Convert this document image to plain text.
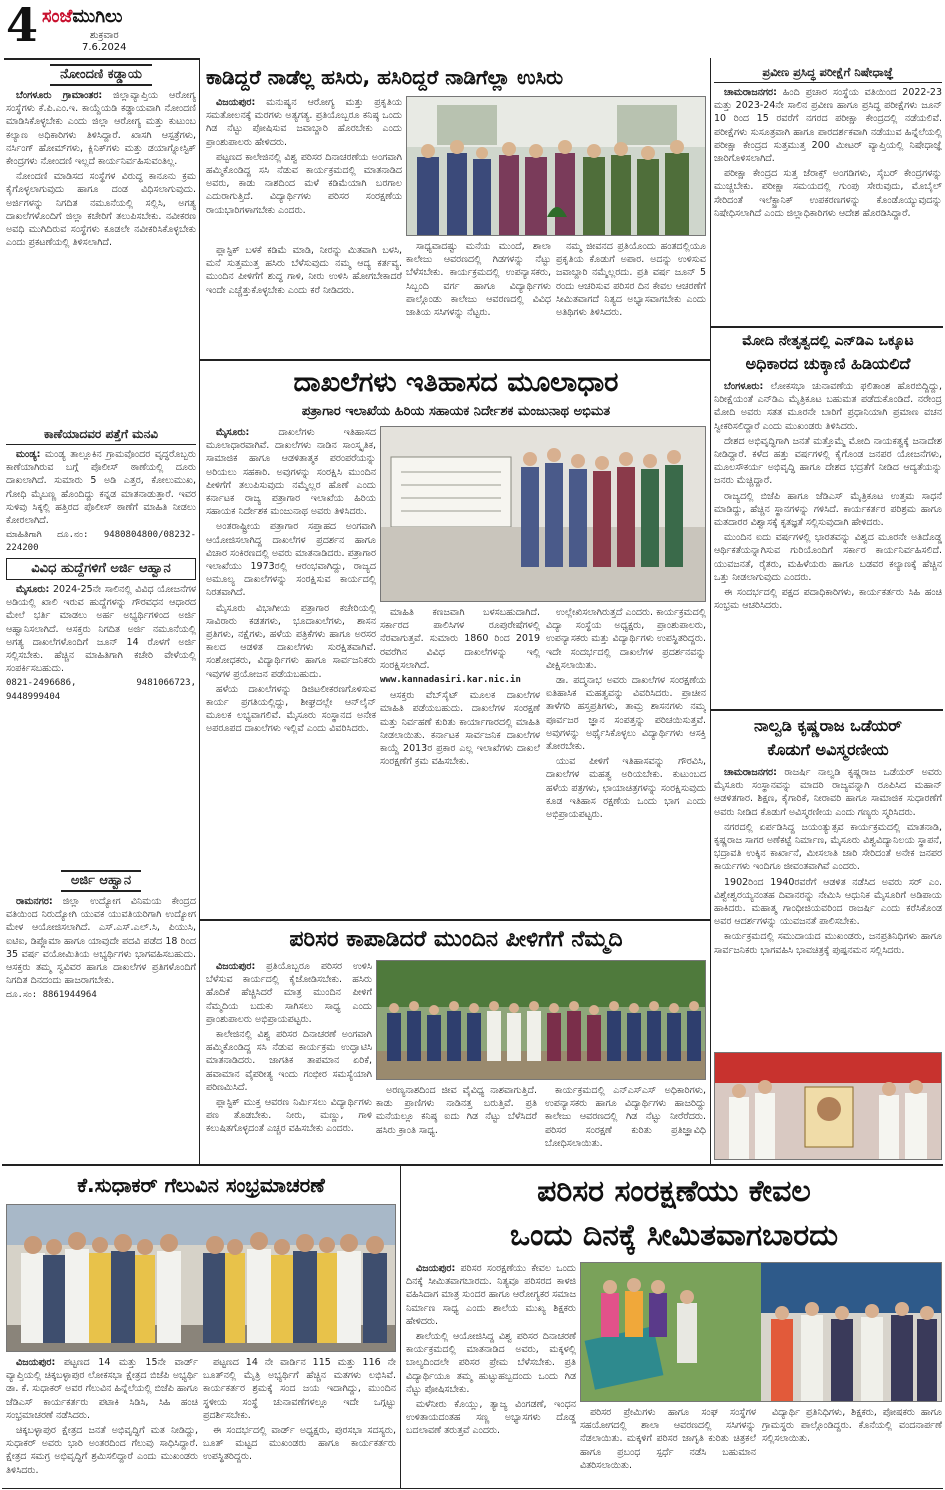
4 ಸಂಜೆಮುಗಿಲು
ಶುಕ್ರವಾರ
7.6.2024
ನೋಂದಣಿ ಕಡ್ಡಾಯ

ಬೆಂಗಳೂರು ಗ್ರಾಮಾಂತರ: ಜಿಲ್ಲಾವ್ಯಾಪ್ತಿಯ ಆರೋಗ್ಯ ಸಂಸ್ಥೆಗಳು ಕೆ.ಪಿ.ಎಂ.ಇ. ಕಾಯ್ದೆಯಡಿ ಕಡ್ಡಾಯವಾಗಿ ನೋಂದಣಿ ಮಾಡಿಸಿಕೊಳ್ಳಬೇಕು ಎಂದು ಜಿಲ್ಲಾ ಆರೋಗ್ಯ ಮತ್ತು ಕುಟುಂಬ ಕಲ್ಯಾಣ ಅಧಿಕಾರಿಗಳು ತಿಳಿಸಿದ್ದಾರೆ. ಖಾಸಗಿ ಆಸ್ಪತ್ರೆಗಳು, ನರ್ಸಿಂಗ್ ಹೋಮ್‌ಗಳು, ಕ್ಲಿನಿಕ್‌ಗಳು ಮತ್ತು ಡಯಾಗ್ನೋಸ್ಟಿಕ್ ಕೇಂದ್ರಗಳು ನೋಂದಣಿ ಇಲ್ಲದೆ ಕಾರ್ಯನಿರ್ವಹಿಸುವಂತಿಲ್ಲ.

ನೋಂದಣಿ ಮಾಡಿಸದ ಸಂಸ್ಥೆಗಳ ವಿರುದ್ಧ ಕಾನೂನು ಕ್ರಮ ಕೈಗೊಳ್ಳಲಾಗುವುದು ಹಾಗೂ ದಂಡ ವಿಧಿಸಲಾಗುವುದು. ಅರ್ಜಿಗಳನ್ನು ನಿಗದಿತ ನಮೂನೆಯಲ್ಲಿ ಸಲ್ಲಿಸಿ, ಅಗತ್ಯ ದಾಖಲೆಗಳೊಂದಿಗೆ ಜಿಲ್ಲಾ ಕಚೇರಿಗೆ ತಲುಪಿಸಬೇಕು. ನವೀಕರಣ ಅವಧಿ ಮುಗಿದಿರುವ ಸಂಸ್ಥೆಗಳು ಕೂಡಲೇ ನವೀಕರಿಸಿಕೊಳ್ಳಬೇಕು ಎಂದು ಪ್ರಕಟಣೆಯಲ್ಲಿ ತಿಳಿಸಲಾಗಿದೆ.

ಕಾಣೆಯಾದವರ ಪತ್ತೆಗೆ ಮನವಿ

ಮಂಡ್ಯ: ಮಂಡ್ಯ ತಾಲ್ಲೂಕಿನ ಗ್ರಾಮವೊಂದರ ವೃದ್ಧರೊಬ್ಬರು ಕಾಣೆಯಾಗಿರುವ ಬಗ್ಗೆ ಪೊಲೀಸ್ ಠಾಣೆಯಲ್ಲಿ ದೂರು ದಾಖಲಾಗಿದೆ. ಸುಮಾರು 5 ಅಡಿ ಎತ್ತರ, ಕೋಲುಮುಖ, ಗೋಧಿ ಮೈಬಣ್ಣ ಹೊಂದಿದ್ದು ಕನ್ನಡ ಮಾತನಾಡುತ್ತಾರೆ. ಇವರ ಸುಳಿವು ಸಿಕ್ಕಲ್ಲಿ ಹತ್ತಿರದ ಪೊಲೀಸ್ ಠಾಣೆಗೆ ಮಾಹಿತಿ ನೀಡಲು ಕೋರಲಾಗಿದೆ.

ಮಾಹಿತಿಗಾಗಿ ದೂ.ನಂ: 9480804800/08232-224200

ವಿವಿಧ ಹುದ್ದೆಗಳಿಗೆ ಅರ್ಜಿ ಆಹ್ವಾನ

ಮೈಸೂರು: 2024-25ನೇ ಸಾಲಿನಲ್ಲಿ ವಿವಿಧ ಯೋಜನೆಗಳ ಅಡಿಯಲ್ಲಿ ಖಾಲಿ ಇರುವ ಹುದ್ದೆಗಳನ್ನು ಗೌರವಧನ ಆಧಾರದ ಮೇಲೆ ಭರ್ತಿ ಮಾಡಲು ಅರ್ಹ ಅಭ್ಯರ್ಥಿಗಳಿಂದ ಅರ್ಜಿ ಆಹ್ವಾನಿಸಲಾಗಿದೆ. ಆಸಕ್ತರು ನಿಗದಿತ ಅರ್ಜಿ ನಮೂನೆಯಲ್ಲಿ ಅಗತ್ಯ ದಾಖಲೆಗಳೊಂದಿಗೆ ಜೂನ್ 14 ರೊಳಗೆ ಅರ್ಜಿ ಸಲ್ಲಿಸಬೇಕು. ಹೆಚ್ಚಿನ ಮಾಹಿತಿಗಾಗಿ ಕಚೇರಿ ವೇಳೆಯಲ್ಲಿ ಸಂಪರ್ಕಿಸಬಹುದು.

0821-2496686, 9481066723, 9448999404

ಅರ್ಜಿ ಆಹ್ವಾನ

ರಾಮನಗರ: ಜಿಲ್ಲಾ ಉದ್ಯೋಗ ವಿನಿಮಯ ಕೇಂದ್ರದ ವತಿಯಿಂದ ನಿರುದ್ಯೋಗಿ ಯುವಕ ಯುವತಿಯರಿಗಾಗಿ ಉದ್ಯೋಗ ಮೇಳ ಆಯೋಜಿಸಲಾಗಿದೆ. ಎಸ್.ಎಸ್.ಎಲ್.ಸಿ, ಪಿಯುಸಿ, ಐಟಿಐ, ಡಿಪ್ಲೊಮಾ ಹಾಗೂ ಯಾವುದೇ ಪದವಿ ಪಡೆದ 18 ರಿಂದ 35 ವರ್ಷ ವಯೋಮಿತಿಯ ಅಭ್ಯರ್ಥಿಗಳು ಭಾಗವಹಿಸಬಹುದು. ಆಸಕ್ತರು ತಮ್ಮ ಸ್ವವಿವರ ಹಾಗೂ ದಾಖಲೆಗಳ ಪ್ರತಿಗಳೊಂದಿಗೆ ನಿಗದಿತ ದಿನದಂದು ಹಾಜರಾಗಬೇಕು.

ದೂ.ಸಂ: 8861944964

ಕಾಡಿದ್ದರೆ ನಾಡೆಲ್ಲ ಹಸಿರು, ಹಸಿರಿದ್ದರೆ ನಾಡಿಗೆಲ್ಲಾ ಉಸಿರು

ವಿಜಯಪುರ: ಮನುಷ್ಯನ ಆರೋಗ್ಯ ಮತ್ತು ಪ್ರಕೃತಿಯ ಸಮತೋಲನಕ್ಕೆ ಮರಗಳು ಅತ್ಯಗತ್ಯ. ಪ್ರತಿಯೊಬ್ಬರೂ ಕನಿಷ್ಠ ಒಂದು ಗಿಡ ನೆಟ್ಟು ಪೋಷಿಸುವ ಜವಾಬ್ದಾರಿ ಹೊರಬೇಕು ಎಂದು ಪ್ರಾಂಶುಪಾಲರು ಹೇಳಿದರು.

ಪಟ್ಟಣದ ಕಾಲೇಜಿನಲ್ಲಿ ವಿಶ್ವ ಪರಿಸರ ದಿನಾಚರಣೆಯ ಅಂಗವಾಗಿ ಹಮ್ಮಿಕೊಂಡಿದ್ದ ಸಸಿ ನೆಡುವ ಕಾರ್ಯಕ್ರಮದಲ್ಲಿ ಮಾತನಾಡಿದ ಅವರು, ಕಾಡು ನಾಶದಿಂದ ಮಳೆ ಕಡಿಮೆಯಾಗಿ ಬರಗಾಲ ಎದುರಾಗುತ್ತಿದೆ. ವಿದ್ಯಾರ್ಥಿಗಳು ಪರಿಸರ ಸಂರಕ್ಷಣೆಯ ರಾಯಭಾರಿಗಳಾಗಬೇಕು ಎಂದರು.

ಪ್ಲಾಸ್ಟಿಕ್ ಬಳಕೆ ಕಡಿಮೆ ಮಾಡಿ, ನೀರನ್ನು ಮಿತವಾಗಿ ಬಳಸಿ, ಮನೆ ಸುತ್ತಮುತ್ತ ಹಸಿರು ಬೆಳೆಸುವುದು ನಮ್ಮ ಆದ್ಯ ಕರ್ತವ್ಯ. ಮುಂದಿನ ಪೀಳಿಗೆಗೆ ಶುದ್ಧ ಗಾಳಿ, ನೀರು ಉಳಿಸಿ ಹೋಗಬೇಕಾದರೆ ಇಂದೇ ಎಚ್ಚೆತ್ತುಕೊಳ್ಳಬೇಕು ಎಂದು ಕರೆ ನೀಡಿದರು.

ಸಾಧ್ಯವಾದಷ್ಟು ಮನೆಯ ಮುಂದೆ, ಶಾಲಾ ಕಾಲೇಜು ಆವರಣದಲ್ಲಿ ಗಿಡಗಳನ್ನು ನೆಟ್ಟು ಬೆಳೆಸಬೇಕು. ಕಾರ್ಯಕ್ರಮದಲ್ಲಿ ಉಪನ್ಯಾಸಕರು, ಸಿಬ್ಬಂದಿ ವರ್ಗ ಹಾಗೂ ವಿದ್ಯಾರ್ಥಿಗಳು ಪಾಲ್ಗೊಂಡು ಕಾಲೇಜು ಆವರಣದಲ್ಲಿ ವಿವಿಧ ಜಾತಿಯ ಸಸಿಗಳನ್ನು ನೆಟ್ಟರು.

ನಮ್ಮ ಜೀವನದ ಪ್ರತಿಯೊಂದು ಹಂತದಲ್ಲಿಯೂ ಪ್ರಕೃತಿಯ ಕೊಡುಗೆ ಅಪಾರ. ಅದನ್ನು ಉಳಿಸುವ ಜವಾಬ್ದಾರಿ ನಮ್ಮೆಲ್ಲರದು. ಪ್ರತಿ ವರ್ಷ ಜೂನ್ 5 ರಂದು ಆಚರಿಸುವ ಪರಿಸರ ದಿನ ಕೇವಲ ಆಚರಣೆಗೆ ಸೀಮಿತವಾಗದೆ ನಿತ್ಯದ ಅಭ್ಯಾಸವಾಗಬೇಕು ಎಂದು ಅತಿಥಿಗಳು ತಿಳಿಸಿದರು.

ಪ್ರವೀಣ ಪ್ರಸಿದ್ಧ ಪರೀಕ್ಷೆಗೆ ನಿಷೇಧಾಜ್ಞೆ

ಚಾಮರಾಜನಗರ: ಹಿಂದಿ ಪ್ರಚಾರ ಸಂಸ್ಥೆಯ ವತಿಯಿಂದ 2022-23 ಮತ್ತು 2023-24ನೇ ಸಾಲಿನ ಪ್ರವೀಣ ಹಾಗೂ ಪ್ರಸಿದ್ಧ ಪರೀಕ್ಷೆಗಳು ಜೂನ್ 10 ರಿಂದ 15 ರವರೆಗೆ ನಗರದ ಪರೀಕ್ಷಾ ಕೇಂದ್ರದಲ್ಲಿ ನಡೆಯಲಿವೆ. ಪರೀಕ್ಷೆಗಳು ಸುಸೂತ್ರವಾಗಿ ಹಾಗೂ ಪಾರದರ್ಶಕವಾಗಿ ನಡೆಯುವ ಹಿನ್ನೆಲೆಯಲ್ಲಿ ಪರೀಕ್ಷಾ ಕೇಂದ್ರದ ಸುತ್ತಮುತ್ತ 200 ಮೀಟರ್ ವ್ಯಾಪ್ತಿಯಲ್ಲಿ ನಿಷೇಧಾಜ್ಞೆ ಜಾರಿಗೊಳಿಸಲಾಗಿದೆ.

ಪರೀಕ್ಷಾ ಕೇಂದ್ರದ ಸುತ್ತ ಜೆರಾಕ್ಸ್ ಅಂಗಡಿಗಳು, ಸೈಬರ್ ಕೇಂದ್ರಗಳನ್ನು ಮುಚ್ಚಬೇಕು. ಪರೀಕ್ಷಾ ಸಮಯದಲ್ಲಿ ಗುಂಪು ಸೇರುವುದು, ಮೊಬೈಲ್ ಸೇರಿದಂತೆ ಇಲೆಕ್ಟ್ರಾನಿಕ್ ಉಪಕರಣಗಳನ್ನು ಕೊಂಡೊಯ್ಯುವುದನ್ನು ನಿಷೇಧಿಸಲಾಗಿದೆ ಎಂದು ಜಿಲ್ಲಾಧಿಕಾರಿಗಳು ಆದೇಶ ಹೊರಡಿಸಿದ್ದಾರೆ.

ದಾಖಲೆಗಳು ಇತಿಹಾಸದ ಮೂಲಾಧಾರ
ಪತ್ರಾಗಾರ ಇಲಾಖೆಯ ಹಿರಿಯ ಸಹಾಯಕ ನಿರ್ದೇಶಕ ಮಂಜುನಾಥ ಅಭಿಮತ

ಮೈಸೂರು:	ದಾಖಲೆಗಳು ಇತಿಹಾಸದ ಮೂಲಾಧಾರವಾಗಿವೆ. ದಾಖಲೆಗಳು ನಾಡಿನ ಸಾಂಸ್ಕೃತಿಕ, ಸಾಮಾಜಿಕ ಹಾಗೂ ಆಡಳಿತಾತ್ಮಕ ಪರಂಪರೆಯನ್ನು ಅರಿಯಲು ಸಹಕಾರಿ. ಅವುಗಳನ್ನು ಸಂರಕ್ಷಿಸಿ ಮುಂದಿನ ಪೀಳಿಗೆಗೆ ತಲುಪಿಸುವುದು ನಮ್ಮೆಲ್ಲರ ಹೊಣೆ ಎಂದು ಕರ್ನಾಟಕ ರಾಜ್ಯ ಪತ್ರಾಗಾರ ಇಲಾಖೆಯ ಹಿರಿಯ ಸಹಾಯಕ ನಿರ್ದೇಶಕ ಮಂಜುನಾಥ ಅವರು ತಿಳಿಸಿದರು.

ಅಂತರಾಷ್ಟ್ರೀಯ ಪತ್ರಾಗಾರ ಸಪ್ತಾಹದ ಅಂಗವಾಗಿ ಆಯೋಜಿಸಲಾಗಿದ್ದ ದಾಖಲೆಗಳ ಪ್ರದರ್ಶನ ಹಾಗೂ ವಿಚಾರ ಸಂಕಿರಣದಲ್ಲಿ ಅವರು ಮಾತನಾಡಿದರು. ಪತ್ರಾಗಾರ ಇಲಾಖೆಯು 1973ರಲ್ಲಿ ಆರಂಭವಾಗಿದ್ದು, ರಾಜ್ಯದ ಅಮೂಲ್ಯ ದಾಖಲೆಗಳನ್ನು ಸಂರಕ್ಷಿಸುವ ಕಾರ್ಯದಲ್ಲಿ ನಿರತವಾಗಿದೆ.

ಮೈಸೂರು ವಿಭಾಗೀಯ ಪತ್ರಾಗಾರ ಕಚೇರಿಯಲ್ಲಿ ಸಾವಿರಾರು ಕಡತಗಳು, ಭೂದಾಖಲೆಗಳು, ಶಾಸನ ಪ್ರತಿಗಳು, ನಕ್ಷೆಗಳು, ಹಳೆಯ ಪತ್ರಿಕೆಗಳು ಹಾಗೂ ಅರಸರ ಕಾಲದ ಆಡಳಿತ ದಾಖಲೆಗಳು ಸುರಕ್ಷಿತವಾಗಿವೆ. ಸಂಶೋಧಕರು, ವಿದ್ಯಾರ್ಥಿಗಳು ಹಾಗೂ ಸಾರ್ವಜನಿಕರು ಇವುಗಳ ಪ್ರಯೋಜನ ಪಡೆಯಬಹುದು.

ಹಳೆಯ ದಾಖಲೆಗಳನ್ನು ಡಿಜಿಟಲೀಕರಣಗೊಳಿಸುವ ಕಾರ್ಯ ಪ್ರಗತಿಯಲ್ಲಿದ್ದು, ಶೀಘ್ರದಲ್ಲೇ ಆನ್‌ಲೈನ್ ಮೂಲಕ ಲಭ್ಯವಾಗಲಿವೆ. ಮೈಸೂರು ಸಂಸ್ಥಾನದ ಅನೇಕ ಅಪರೂಪದ ದಾಖಲೆಗಳು ಇಲ್ಲಿವೆ ಎಂದು ವಿವರಿಸಿದರು.

ಮಾಹಿತಿ ಕಣಜವಾಗಿ ಬಳಸಬಹುದಾಗಿದೆ. ಸರ್ಕಾರದ ಪಾಲಿಸಿಗಳ ರೂಪುರೇಷೆಗಳಲ್ಲಿ ನೆರವಾಗುತ್ತವೆ. ಸುಮಾರು 1860 ರಿಂದ 2019 ರವರೆಗಿನ ವಿವಿಧ ದಾಖಲೆಗಳನ್ನು ಇಲ್ಲಿ ಸಂರಕ್ಷಿಸಲಾಗಿದೆ.

www.kannadasiri.kar.nic.in

ಆಸಕ್ತರು ವೆಬ್‌ಸೈಟ್ ಮೂಲಕ ದಾಖಲೆಗಳ ಮಾಹಿತಿ ಪಡೆಯಬಹುದು. ದಾಖಲೆಗಳ ಸಂರಕ್ಷಣೆ ಮತ್ತು ನಿರ್ವಹಣೆ ಕುರಿತು ಕಾರ್ಯಾಗಾರದಲ್ಲಿ ಮಾಹಿತಿ ನೀಡಲಾಯಿತು. ಕರ್ನಾಟಕ ಸಾರ್ವಜನಿಕ ದಾಖಲೆಗಳ ಕಾಯ್ದೆ 2013ರ ಪ್ರಕಾರ ಎಲ್ಲ ಇಲಾಖೆಗಳು ದಾಖಲೆ ಸಂರಕ್ಷಣೆಗೆ ಕ್ರಮ ವಹಿಸಬೇಕು.

ಉಲ್ಲೇಖಿಸಲಾಗಿರುತ್ತದೆ ಎಂದರು. ಕಾರ್ಯಕ್ರಮದಲ್ಲಿ ವಿದ್ಯಾ ಸಂಸ್ಥೆಯ ಅಧ್ಯಕ್ಷರು, ಪ್ರಾಂಶುಪಾಲರು, ಉಪನ್ಯಾಸಕರು ಮತ್ತು ವಿದ್ಯಾರ್ಥಿಗಳು ಉಪಸ್ಥಿತರಿದ್ದರು. ಇದೇ ಸಂದರ್ಭದಲ್ಲಿ ದಾಖಲೆಗಳ ಪ್ರದರ್ಶನವನ್ನು ವೀಕ್ಷಿಸಲಾಯಿತು.

ಡಾ. ಪದ್ಮನಾಭ ಅವರು ದಾಖಲೆಗಳ ಸಂರಕ್ಷಣೆಯ ಐತಿಹಾಸಿಕ ಮಹತ್ವವನ್ನು ವಿವರಿಸಿದರು. ಪ್ರಾಚೀನ ತಾಳೆಗರಿ ಹಸ್ತಪ್ರತಿಗಳು, ತಾಮ್ರ ಶಾಸನಗಳು ನಮ್ಮ ಪೂರ್ವಜರ ಜ್ಞಾನ ಸಂಪತ್ತನ್ನು ಪರಿಚಯಿಸುತ್ತವೆ. ಅವುಗಳನ್ನು ಅರ್ಥೈಸಿಕೊಳ್ಳಲು ವಿದ್ಯಾರ್ಥಿಗಳು ಆಸಕ್ತಿ ತೋರಬೇಕು.

ಯುವ ಪೀಳಿಗೆ ಇತಿಹಾಸವನ್ನು ಗೌರವಿಸಿ, ದಾಖಲೆಗಳ ಮಹತ್ವ ಅರಿಯಬೇಕು. ಕುಟುಂಬದ ಹಳೆಯ ಪತ್ರಗಳು, ಛಾಯಾಚಿತ್ರಗಳನ್ನು ಸಂರಕ್ಷಿಸುವುದು ಕೂಡ ಇತಿಹಾಸ ರಕ್ಷಣೆಯ ಒಂದು ಭಾಗ ಎಂದು ಅಭಿಪ್ರಾಯಪಟ್ಟರು.

ಮೋದಿ ನೇತೃತ್ವದಲ್ಲಿ ಎನ್‌ಡಿಎ ಒಕ್ಕೂಟ
ಅಧಿಕಾರದ ಚುಕ್ಕಾಣಿ ಹಿಡಿಯಲಿದೆ

ಬೆಂಗಳೂರು: ಲೋಕಸಭಾ ಚುನಾವಣೆಯ ಫಲಿತಾಂಶ ಹೊರಬಿದ್ದಿದ್ದು, ನಿರೀಕ್ಷೆಯಂತೆ ಎನ್‌ಡಿಎ ಮೈತ್ರಿಕೂಟ ಬಹುಮತ ಪಡೆದುಕೊಂಡಿದೆ. ನರೇಂದ್ರ ಮೋದಿ ಅವರು ಸತತ ಮೂರನೇ ಬಾರಿಗೆ ಪ್ರಧಾನಿಯಾಗಿ ಪ್ರಮಾಣ ವಚನ ಸ್ವೀಕರಿಸಲಿದ್ದಾರೆ ಎಂದು ಮುಖಂಡರು ತಿಳಿಸಿದರು.

ದೇಶದ ಅಭಿವೃದ್ಧಿಗಾಗಿ ಜನತೆ ಮತ್ತೊಮ್ಮೆ ಮೋದಿ ನಾಯಕತ್ವಕ್ಕೆ ಜನಾದೇಶ ನೀಡಿದ್ದಾರೆ. ಕಳೆದ ಹತ್ತು ವರ್ಷಗಳಲ್ಲಿ ಕೈಗೊಂಡ ಜನಪರ ಯೋಜನೆಗಳು, ಮೂಲಸೌಕರ್ಯ ಅಭಿವೃದ್ಧಿ ಹಾಗೂ ದೇಶದ ಭದ್ರತೆಗೆ ನೀಡಿದ ಆದ್ಯತೆಯನ್ನು ಜನರು ಮೆಚ್ಚಿದ್ದಾರೆ.

ರಾಜ್ಯದಲ್ಲಿ ಬಿಜೆಪಿ ಹಾಗೂ ಜೆಡಿಎಸ್ ಮೈತ್ರಿಕೂಟ ಉತ್ತಮ ಸಾಧನೆ ಮಾಡಿದ್ದು, ಹೆಚ್ಚಿನ ಸ್ಥಾನಗಳನ್ನು ಗಳಿಸಿದೆ. ಕಾರ್ಯಕರ್ತರ ಪರಿಶ್ರಮ ಹಾಗೂ ಮತದಾರರ ವಿಶ್ವಾಸಕ್ಕೆ ಕೃತಜ್ಞತೆ ಸಲ್ಲಿಸುವುದಾಗಿ ಹೇಳಿದರು.

ಮುಂದಿನ ಐದು ವರ್ಷಗಳಲ್ಲಿ ಭಾರತವನ್ನು ವಿಶ್ವದ ಮೂರನೇ ಅತಿದೊಡ್ಡ ಆರ್ಥಿಕತೆಯನ್ನಾಗಿಸುವ ಗುರಿಯೊಂದಿಗೆ ಸರ್ಕಾರ ಕಾರ್ಯನಿರ್ವಹಿಸಲಿದೆ. ಯುವಜನತೆ, ರೈತರು, ಮಹಿಳೆಯರು ಹಾಗೂ ಬಡವರ ಕಲ್ಯಾಣಕ್ಕೆ ಹೆಚ್ಚಿನ ಒತ್ತು ನೀಡಲಾಗುವುದು ಎಂದರು.

ಈ ಸಂದರ್ಭದಲ್ಲಿ ಪಕ್ಷದ ಪದಾಧಿಕಾರಿಗಳು, ಕಾರ್ಯಕರ್ತರು ಸಿಹಿ ಹಂಚಿ ಸಂಭ್ರಮ ಆಚರಿಸಿದರು.

ನಾಲ್ವಡಿ ಕೃಷ್ಣರಾಜ ಒಡೆಯರ್
ಕೊಡುಗೆ ಅವಿಸ್ಮರಣೀಯ

ಚಾಮರಾಜನಗರ: ರಾಜರ್ಷಿ ನಾಲ್ವಡಿ ಕೃಷ್ಣರಾಜ ಒಡೆಯರ್ ಅವರು ಮೈಸೂರು ಸಂಸ್ಥಾನವನ್ನು ಮಾದರಿ ರಾಜ್ಯವನ್ನಾಗಿ ರೂಪಿಸಿದ ಮಹಾನ್ ಆಡಳಿತಗಾರ. ಶಿಕ್ಷಣ, ಕೈಗಾರಿಕೆ, ನೀರಾವರಿ ಹಾಗೂ ಸಾಮಾಜಿಕ ಸುಧಾರಣೆಗೆ ಅವರು ನೀಡಿದ ಕೊಡುಗೆ ಅವಿಸ್ಮರಣೀಯ ಎಂದು ಗಣ್ಯರು ಸ್ಮರಿಸಿದರು.

ನಗರದಲ್ಲಿ ಏರ್ಪಡಿಸಿದ್ದ ಜಯಂತ್ಯುತ್ಸವ ಕಾರ್ಯಕ್ರಮದಲ್ಲಿ ಮಾತನಾಡಿ, ಕೃಷ್ಣರಾಜ ಸಾಗರ ಅಣೆಕಟ್ಟೆ ನಿರ್ಮಾಣ, ಮೈಸೂರು ವಿಶ್ವವಿದ್ಯಾನಿಲಯ ಸ್ಥಾಪನೆ, ಭದ್ರಾವತಿ ಉಕ್ಕಿನ ಕಾರ್ಖಾನೆ, ಮೀಸಲಾತಿ ಜಾರಿ ಸೇರಿದಂತೆ ಅನೇಕ ಜನಪರ ಕಾರ್ಯಗಳು ಇಂದಿಗೂ ಜೀವಂತವಾಗಿವೆ ಎಂದರು.

1902ರಿಂದ 1940ರವರೆಗೆ ಆಡಳಿತ ನಡೆಸಿದ ಅವರು ಸರ್ ಎಂ. ವಿಶ್ವೇಶ್ವರಯ್ಯನಂತಹ ದಿವಾನರನ್ನು ನೇಮಿಸಿ ಆಧುನಿಕ ಮೈಸೂರಿಗೆ ಅಡಿಪಾಯ ಹಾಕಿದರು. ಮಹಾತ್ಮ ಗಾಂಧೀಜಿಯವರಿಂದ ರಾಜರ್ಷಿ ಎಂದು ಕರೆಸಿಕೊಂಡ ಅವರ ಆದರ್ಶಗಳನ್ನು ಯುವಜನತೆ ಪಾಲಿಸಬೇಕು.

ಕಾರ್ಯಕ್ರಮದಲ್ಲಿ ಸಮುದಾಯದ ಮುಖಂಡರು, ಜನಪ್ರತಿನಿಧಿಗಳು ಹಾಗೂ ಸಾರ್ವಜನಿಕರು ಭಾಗವಹಿಸಿ ಭಾವಚಿತ್ರಕ್ಕೆ ಪುಷ್ಪನಮನ ಸಲ್ಲಿಸಿದರು.

ಪರಿಸರ ಕಾಪಾಡಿದರೆ ಮುಂದಿನ ಪೀಳಿಗೆಗೆ ನೆಮ್ಮದಿ

ವಿಜಯಪುರ: ಪ್ರತಿಯೊಬ್ಬರೂ ಪರಿಸರ ಉಳಿಸಿ ಬೆಳೆಸುವ ಕಾರ್ಯದಲ್ಲಿ ಕೈಜೋಡಿಸಬೇಕು. ಹಸಿರು ಹೊದಿಕೆ ಹೆಚ್ಚಿಸಿದರೆ ಮಾತ್ರ ಮುಂದಿನ ಪೀಳಿಗೆ ನೆಮ್ಮದಿಯ ಬದುಕು ಸಾಗಿಸಲು ಸಾಧ್ಯ ಎಂದು ಪ್ರಾಂಶುಪಾಲರು ಅಭಿಪ್ರಾಯಪಟ್ಟರು.

ಕಾಲೇಜಿನಲ್ಲಿ ವಿಶ್ವ ಪರಿಸರ ದಿನಾಚರಣೆ ಅಂಗವಾಗಿ ಹಮ್ಮಿಕೊಂಡಿದ್ದ ಸಸಿ ನೆಡುವ ಕಾರ್ಯಕ್ರಮ ಉದ್ಘಾಟಿಸಿ ಮಾತನಾಡಿದರು. ಜಾಗತಿಕ ತಾಪಮಾನ ಏರಿಕೆ, ಹವಾಮಾನ ವೈಪರೀತ್ಯ ಇಂದು ಗಂಭೀರ ಸಮಸ್ಯೆಯಾಗಿ ಪರಿಣಮಿಸಿದೆ.

ಪ್ಲಾಸ್ಟಿಕ್ ಮುಕ್ತ ಆವರಣ ನಿರ್ಮಿಸಲು ವಿದ್ಯಾರ್ಥಿಗಳು ಪಣ ತೊಡಬೇಕು. ನೀರು, ಮಣ್ಣು, ಗಾಳಿ ಕಲುಷಿತಗೊಳ್ಳದಂತೆ ಎಚ್ಚರ ವಹಿಸಬೇಕು ಎಂದರು.

ಅರಣ್ಯನಾಶದಿಂದ ಜೀವ ವೈವಿಧ್ಯ ನಾಶವಾಗುತ್ತಿದೆ. ಕಾಡು ಪ್ರಾಣಿಗಳು ನಾಡಿನತ್ತ ಬರುತ್ತಿವೆ. ಪ್ರತಿ ಮನೆಯಲ್ಲೂ ಕನಿಷ್ಠ ಐದು ಗಿಡ ನೆಟ್ಟು ಬೆಳೆಸಿದರೆ ಹಸಿರು ಕ್ರಾಂತಿ ಸಾಧ್ಯ.

ಕಾರ್ಯಕ್ರಮದಲ್ಲಿ ಎನ್‌ಎಸ್‌ಎಸ್ ಅಧಿಕಾರಿಗಳು, ಉಪನ್ಯಾಸಕರು ಹಾಗೂ ವಿದ್ಯಾರ್ಥಿಗಳು ಹಾಜರಿದ್ದು ಕಾಲೇಜು ಆವರಣದಲ್ಲಿ ಗಿಡ ನೆಟ್ಟು ನೀರೆರೆದರು. ಪರಿಸರ ಸಂರಕ್ಷಣೆ ಕುರಿತು ಪ್ರತಿಜ್ಞಾವಿಧಿ ಬೋಧಿಸಲಾಯಿತು.

ಕೆ.ಸುಧಾಕರ್ ಗೆಲುವಿನ ಸಂಭ್ರಮಾಚರಣೆ

ವಿಜಯಪುರ: ಪಟ್ಟಣದ 14 ಮತ್ತು 15ನೇ ವಾರ್ಡ್ ವ್ಯಾಪ್ತಿಯಲ್ಲಿ ಚಿಕ್ಕಬಳ್ಳಾಪುರ ಲೋಕಸಭಾ ಕ್ಷೇತ್ರದ ಬಿಜೆಪಿ ಅಭ್ಯರ್ಥಿ ಡಾ. ಕೆ. ಸುಧಾಕರ್ ಅವರ ಗೆಲುವಿನ ಹಿನ್ನೆಲೆಯಲ್ಲಿ ಬಿಜೆಪಿ ಹಾಗೂ ಜೆಡಿಎಸ್ ಕಾರ್ಯಕರ್ತರು ಪಟಾಕಿ ಸಿಡಿಸಿ, ಸಿಹಿ ಹಂಚಿ ಸಂಭ್ರಮಾಚರಣೆ ನಡೆಸಿದರು.

ಚಿಕ್ಕಬಳ್ಳಾಪುರ ಕ್ಷೇತ್ರದ ಜನತೆ ಅಭಿವೃದ್ಧಿಗೆ ಮತ ನೀಡಿದ್ದು, ಸುಧಾಕರ್ ಅವರು ಭಾರಿ ಅಂತರದಿಂದ ಗೆಲುವು ಸಾಧಿಸಿದ್ದಾರೆ. ಕ್ಷೇತ್ರದ ಸಮಗ್ರ ಅಭಿವೃದ್ಧಿಗೆ ಶ್ರಮಿಸಲಿದ್ದಾರೆ ಎಂದು ಮುಖಂಡರು ತಿಳಿಸಿದರು.

ಪಟ್ಟಣದ 14 ನೇ ವಾರ್ಡಿನ 115 ಮತ್ತು 116 ನೇ ಬೂತ್‌ನಲ್ಲಿ ಮೈತ್ರಿ ಅಭ್ಯರ್ಥಿಗೆ ಹೆಚ್ಚಿನ ಮತಗಳು ಲಭಿಸಿವೆ. ಕಾರ್ಯಕರ್ತರ ಶ್ರಮಕ್ಕೆ ಸಂದ ಜಯ ಇದಾಗಿದ್ದು, ಮುಂದಿನ ಸ್ಥಳೀಯ ಸಂಸ್ಥೆ ಚುನಾವಣೆಗಳಲ್ಲೂ ಇದೇ ಒಗ್ಗಟ್ಟು ಪ್ರದರ್ಶಿಸಬೇಕು.

ಈ ಸಂದರ್ಭದಲ್ಲಿ ವಾರ್ಡ್ ಅಧ್ಯಕ್ಷರು, ಪುರಸಭಾ ಸದಸ್ಯರು, ಬೂತ್ ಮಟ್ಟದ ಮುಖಂಡರು ಹಾಗೂ ಕಾರ್ಯಕರ್ತರು ಉಪಸ್ಥಿತರಿದ್ದರು.

ಪರಿಸರ ಸಂರಕ್ಷಣೆಯು ಕೇವಲ
ಒಂದು ದಿನಕ್ಕೆ ಸೀಮಿತವಾಗಬಾರದು

ವಿಜಯಪುರ: ಪರಿಸರ ಸಂರಕ್ಷಣೆಯು ಕೇವಲ ಒಂದು ದಿನಕ್ಕೆ ಸೀಮಿತವಾಗಬಾರದು. ನಿತ್ಯವೂ ಪರಿಸರದ ಕಾಳಜಿ ವಹಿಸಿದಾಗ ಮಾತ್ರ ಸುಂದರ ಹಾಗೂ ಆರೋಗ್ಯಕರ ಸಮಾಜ ನಿರ್ಮಾಣ ಸಾಧ್ಯ ಎಂದು ಶಾಲೆಯ ಮುಖ್ಯ ಶಿಕ್ಷಕರು ಹೇಳಿದರು.

ಶಾಲೆಯಲ್ಲಿ ಆಯೋಜಿಸಿದ್ದ ವಿಶ್ವ ಪರಿಸರ ದಿನಾಚರಣೆ ಕಾರ್ಯಕ್ರಮದಲ್ಲಿ ಮಾತನಾಡಿದ ಅವರು, ಮಕ್ಕಳಲ್ಲಿ ಬಾಲ್ಯದಿಂದಲೇ ಪರಿಸರ ಪ್ರೇಮ ಬೆಳೆಸಬೇಕು. ಪ್ರತಿ ವಿದ್ಯಾರ್ಥಿಯೂ ತಮ್ಮ ಹುಟ್ಟುಹಬ್ಬದಂದು ಒಂದು ಗಿಡ ನೆಟ್ಟು ಪೋಷಿಸಬೇಕು.

ಮಳೆನೀರು ಕೊಯ್ಲು, ತ್ಯಾಜ್ಯ ವಿಂಗಡಣೆ, ಇಂಧನ ಉಳಿತಾಯದಂತಹ ಸಣ್ಣ ಅಭ್ಯಾಸಗಳು ದೊಡ್ಡ ಬದಲಾವಣೆ ತರುತ್ತವೆ ಎಂದರು.

ಪರಿಸರ ಪ್ರೇಮಿಗಳು ಹಾಗೂ ಸಂಘ ಸಂಸ್ಥೆಗಳ ಸಹಯೋಗದಲ್ಲಿ ಶಾಲಾ ಆವರಣದಲ್ಲಿ ಸಸಿಗಳನ್ನು ನೆಡಲಾಯಿತು. ಮಕ್ಕಳಿಗೆ ಪರಿಸರ ಜಾಗೃತಿ ಕುರಿತು ಚಿತ್ರಕಲೆ ಹಾಗೂ ಪ್ರಬಂಧ ಸ್ಪರ್ಧೆ ನಡೆಸಿ ಬಹುಮಾನ ವಿತರಿಸಲಾಯಿತು.

ವಿದ್ಯಾರ್ಥಿ ಪ್ರತಿನಿಧಿಗಳು, ಶಿಕ್ಷಕರು, ಪೋಷಕರು ಹಾಗೂ ಗ್ರಾಮಸ್ಥರು ಪಾಲ್ಗೊಂಡಿದ್ದರು. ಕೊನೆಯಲ್ಲಿ ವಂದನಾರ್ಪಣೆ ಸಲ್ಲಿಸಲಾಯಿತು.
